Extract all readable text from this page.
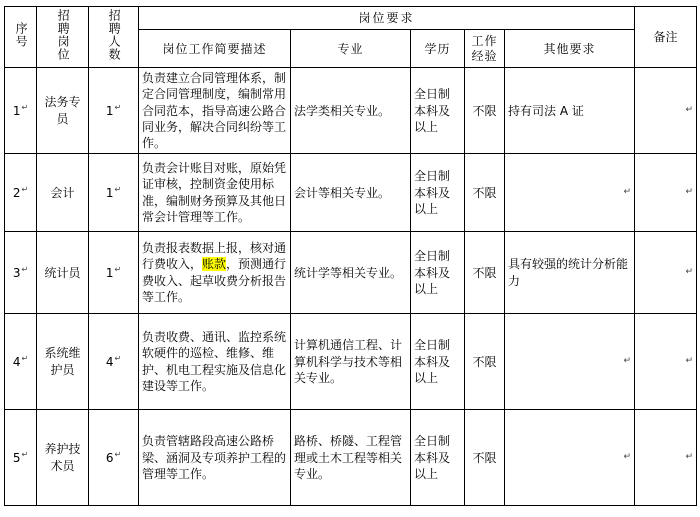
序号	招聘岗位	招聘人数	岗位要求					备注
			岗位工作简要描述	专业	学历	工作经验	其他要求	
1↵	法务专员	1↵	负责建立合同管理体系，制定合同管理制度，编制常用合同范本，指导高速公路合同业务，解决合同纠纷等工作。	法学类相关专业。	全日制本科及以上	不限	持有司法 A 证	↵

2↵	会计	1↵	负责会计账目对账，原始凭证审核，控制资金使用标准，编制财务预算及其他日常会计管理等工作。	会计等相关专业。	全日制本科及以上	不限	↵	↵

3↵	统计员	1↵	负责报表数据上报，核对通行费收入，账款，预测通行费收入、起草收费分析报告等工作。	统计学等相关专业。	全日制本科及以上	不限	具有较强的统计分析能力	↵

4↵	系统维护员	4↵	负责收费、通讯、监控系统软硬件的巡检、维修、维护、机电工程实施及信息化建设等工作。	计算机通信工程、计算机科学与技术等相关专业。	全日制本科及以上	不限	↵	↵

5↵	养护技术员	6↵	负责管辖路段高速公路桥梁、涵洞及专项养护工程的管理等工作。	路桥、桥隧、工程管理或土木工程等相关专业。	全日制本科及以上	不限	↵	↵
